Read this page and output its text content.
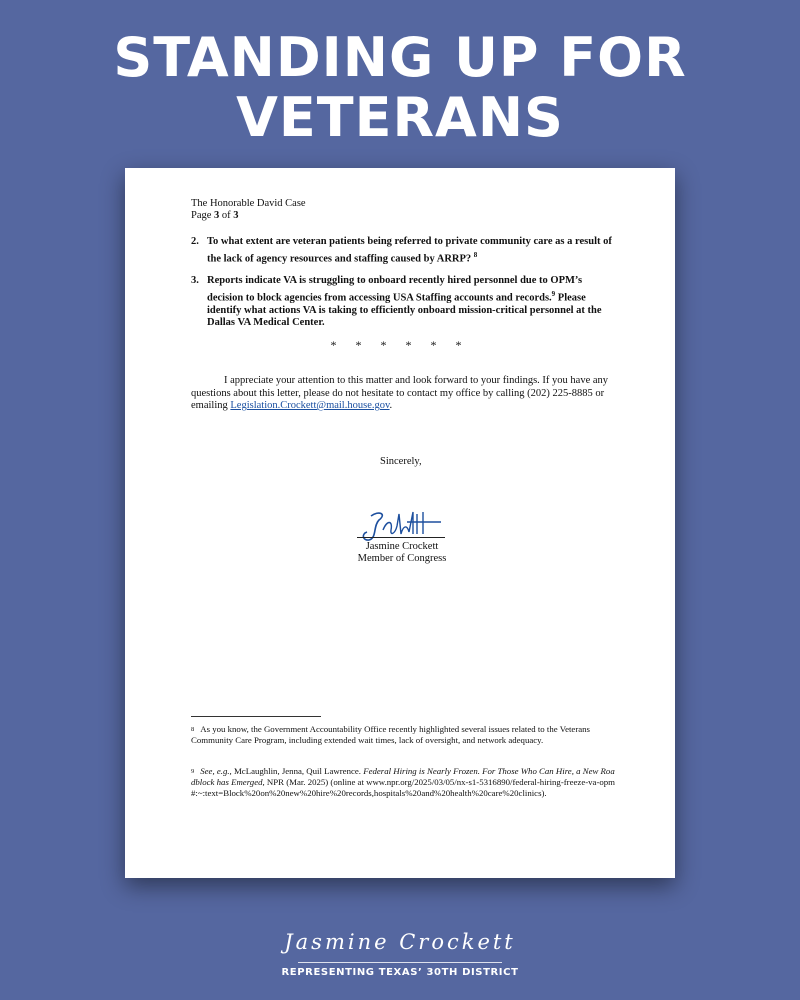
STANDING UP FOR
VETERANS
The Honorable David Case
Page 3 of 3
2. To what extent are veteran patients being referred to private community care as a result of the lack of agency resources and staffing caused by ARRP? $^8$
3. Reports indicate VA is struggling to onboard recently hired personnel due to OPM’s decision to block agencies from accessing USA Staffing accounts and records.$^9$ Please identify what actions VA is taking to efficiently onboard mission-critical personnel at the Dallas VA Medical Center.
* * * * * *
I appreciate your attention to this matter and look forward to your findings. If you have any questions about this letter, please do not hesitate to contact my office by calling (202) 225-8885 or emailing Legislation.Crockett@mail.house.gov.
Sincerely,
Jasmine Crockett
Member of Congress
$^8$ As you know, the Government Accountability Office recently highlighted several issues related to the Veterans Community Care Program, including extended wait times, lack of oversight, and network adequacy.
$^9$ See, e.g., McLaughlin, Jenna, Quil Lawrence. Federal Hiring is Nearly Frozen. For Those Who Can Hire, a New Roadblock has Emerged, NPR (Mar. 2025) (online at www.npr.org/2025/03/05/nx-s1-5316890/federal-hiring-freeze-va-opm#:~:text=Block%20on%20new%20hire%20records,hospitals%20and%20health%20care%20clinics).
Jasmine Crockett
REPRESENTING TEXAS’ 30TH DISTRICT
